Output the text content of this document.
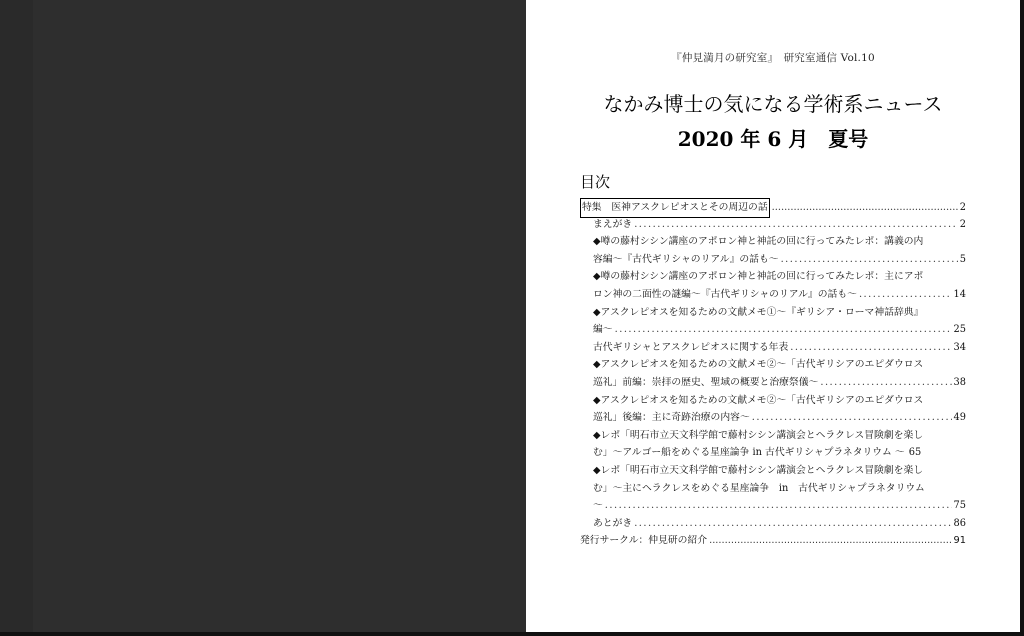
『仲見満月の研究室』　研究室通信 Vol.10
なかみ博士の気になる学術系ニュース
2020 年 6 月　夏号
目次
特集　医神アスクレピオスとその周辺の話 .....	2
まえがき .....	2
◆噂の藤村シシン講座のアポロン神と神託の回に行ってみたレポ：講義の内
容編～『古代ギリシャのリアル』の話も～ .....	5
◆噂の藤村シシン講座のアポロン神と神託の回に行ってみたレポ：主にアポ
ロン神の二面性の謎編～『古代ギリシャのリアル』の話も～ .....	14
◆アスクレピオスを知るための文献メモ①～『ギリシア・ローマ神話辞典』
編～ .....	25
古代ギリシャとアスクレピオスに関する年表 .....	34
◆アスクレピオスを知るための文献メモ②～「古代ギリシアのエピダウロス
巡礼」前編：崇拝の歴史、聖域の概要と治療祭儀～ .....	38
◆アスクレピオスを知るための文献メモ②～「古代ギリシアのエピダウロス
巡礼」後編：主に奇跡治療の内容～ .....	49
◆レポ「明石市立天文科学館で藤村シシン講演会とヘラクレス冒険劇を楽し
む」～アルゴー船をめぐる星座論争 in 古代ギリシャプラネタリウム ～ 65
◆レポ「明石市立天文科学館で藤村シシン講演会とヘラクレス冒険劇を楽し
む」～主にヘラクレスをめぐる星座論争　in　古代ギリシャプラネタリウム
～ .....	75
あとがき .....	86
発行サークル：仲見研の紹介 .....	91
